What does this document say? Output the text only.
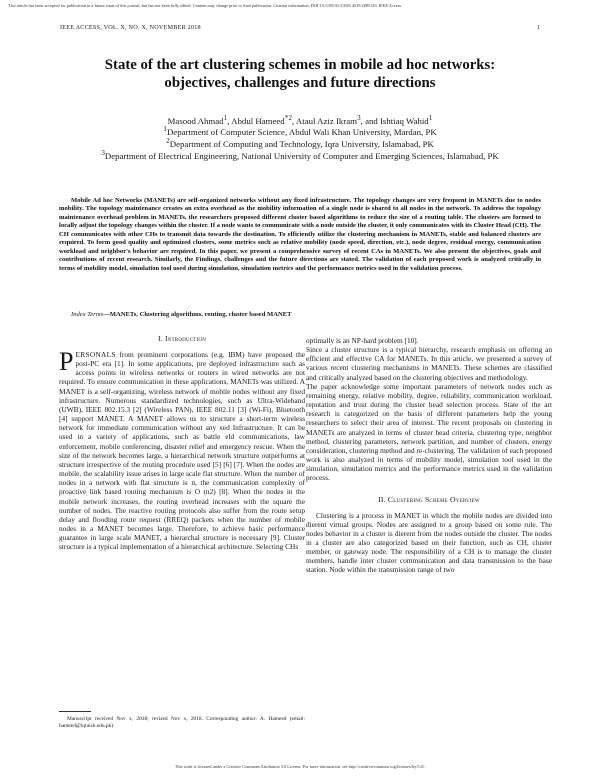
This article has been accepted for publication in a future issue of this journal, but has not been fully edited. Content may change prior to final publication. Citation information: DOI 10.1109/ACCESS.2018.2885120, IEEE Access
IEEE ACCESS, VOL. X, NO. X, NOVEMBER 2018	1
State of the art clustering schemes in mobile ad hoc networks:
objectives, challenges and future directions
Masood Ahmad$^1$, Abdul Hameed$^{*2}$, Ataul Aziz Ikram$^3$, and Ishtiaq Wahid$^1$
$^1$Department of Computer Science, Abdul Wali Khan University, Mardan, PK
$^2$Department of Computing and Technology, Iqra University, Islamabad, PK
$^3$Department of Electrical Engineering, National University of Computer and Emerging Sciences, Islamabad, PK
Mobile Ad hoc Networks (MANETs) are self-organized networks without any fixed infrastructure. The topology changes are very frequent in MANETs due to nodes mobility. The topology maintenance creates an extra overhead as the mobility information of a single node is shared to all nodes in the network. To address the topology maintenance overhead problem in MANETs, the researchers proposed different cluster based algorithms to reduce the size of a routing table. The clusters are formed to locally adjust the topology changes within the cluster. If a node wants to communicate with a node outside the cluster, it only communicates with its Cluster Head (CH). The CH communicates with other CHs to transmit data towards the destination. To efficiently utilize the clustering mechanism in MANETs, stable and balanced clusters are required. To form good quality and optimized clusters, some metrics such as relative mobility (node speed, direction, etc.), node degree, residual energy, communication workload and neighbor's behavior are required. In this paper, we present a comprehensive survey of recent CAs in MANETs. We also present the objectives, goals and contributions of recent research. Similarly, the Findings, challenges and the future directions are stated. The validation of each proposed work is analyzed critically in terms of mobility model, simulation tool used during simulation, simulation metrics and the performance metrics used in the validation process.
Index Terms—MANETs, Clustering algorithms, routing, cluster based MANET
I. Introduction

PERSONALS from prominent corporations (e.g. IBM) have proposed the post-PC era [1]. In some applications, pre deployed infrastructure such as access points in wireless networks or routers in wired networks are not required. To ensure communication in these applications, MANETs was utilized. A MANET is a self-organizing, wireless network of mobile nodes without any fixed infrastructure. Numerous standardized technologies, such as Ultra-Wideband (UWB), IEEE 802.15.3 [2] (Wireless PAN), IEEE 802.11 [3] (Wi-Fi), Bluetooth [4] support MANET. A MANET allows us to structure a short-term wireless network for immediate communication without any xed Infrastructure. It can be used in a variety of applications, such as battle eld communications, law enforcement, mobile conferencing, disaster relief and emergency rescue. When the size of the network becomes large, a hierarchical network structure outperforms at structure irrespective of the routing procedure used [5] [6] [7]. When the nodes are mobile, the scalability issue arises in large scale flat structure. When the number of nodes in a network with flat structure is n, the communication complexity of proactive link based routing mechanism is O (n2) [8]. When the nodes in the mobile network increases, the routing overhead increases with the square the number of nodes. The reactive routing protocols also suffer from the route setup delay and flooding route request (RREQ) packets when the number of mobile nodes in a MANET becomes large. Therefore, to achieve basic performance guarantee in large scale MANET, a hierarchal structure is necessary [9]. Cluster structure is a typical implementation of a hierarchical architecture. Selecting CHs

optimally is an NP-hard problem [10].

Since a cluster structure is a typical hierarchy, research emphasis on offering an efficient and effective CA for MANETs. In this article, we presented a survey of various recent clustering mechanisms in MANETs. These schemes are classified and critically analyzed based on the clustering objectives and methodology.

The paper acknowledge some important parameters of network nodes such as remaining energy, relative mobility, degree, reliability, communication workload, reputation and trust during the cluster head selection process. State of the art research is categorized on the basis of different parameters help the young researchers to select their area of interest. The recent proposals on clustering in MANETs are analyzed in terms of cluster head criteria, clustering type, neighbor method, clustering parameters, network partition, and number of clusters, energy consideration, clustering method and re-clustering. The validation of each proposed work is also analyzed in terms of mobility model, simulation tool used in the simulation, simulation metrics and the performance metrics used in the validation process.

II. Clustering Scheme Overview

Clustering is a process in MANET in which the mobile nodes are divided into dierent virtual groups. Nodes are assigned to a group based on some rule. The nodes behavior in a cluster is dierent from the nodes outside the cluster. The nodes in a cluster are also categorized based on their function, such as CH, cluster member, or gateway node. The responsibility of a CH is to manage the cluster members, handle inter cluster communication and data transmission to the base station. Node within the transmission range of two

Manuscript received Nov x, 2018; revised Nov x, 2018. Corresponding author: A. Hameed (email: hameed@iqraisb.edu.pk).
This work is licensed under a Creative Commons Attribution 3.0 License. For more information, see http://creativecommons.org/licenses/by/3.0/.
